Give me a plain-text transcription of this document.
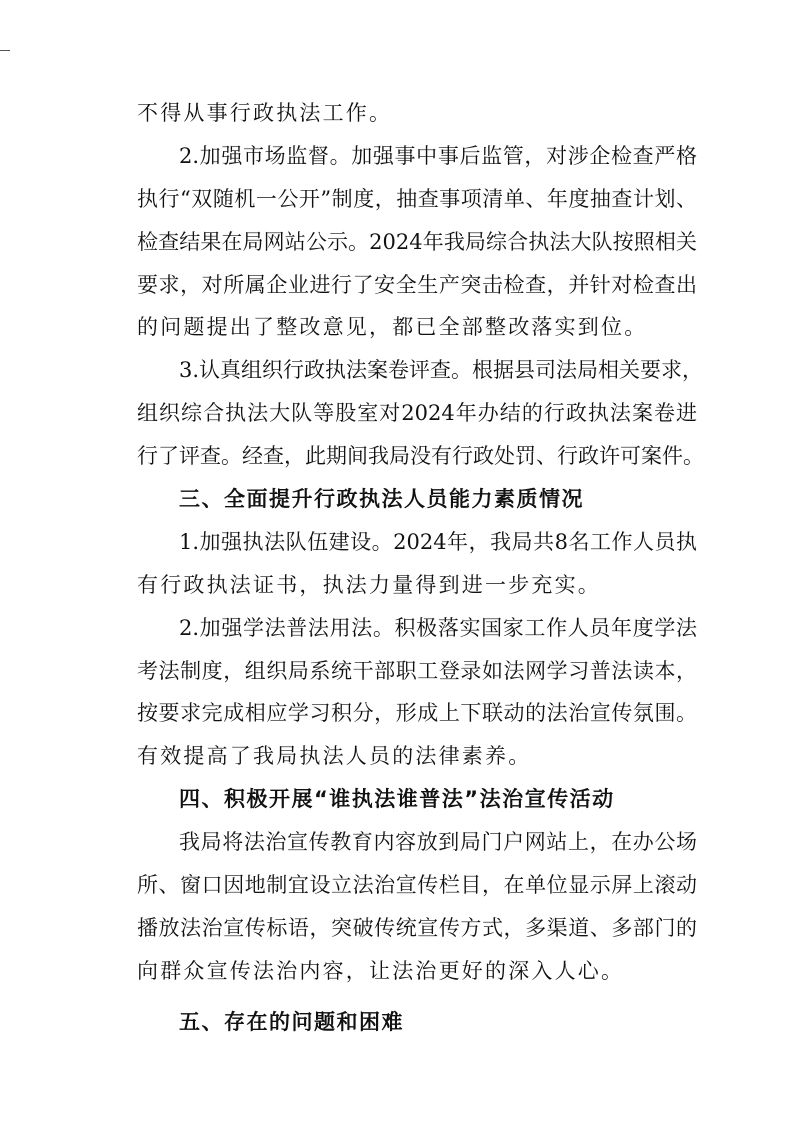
不得从事行政执法工作。
2.加强市场监督。加强事中事后监管，对涉企检查严格
执行“双随机一公开”制度，抽查事项清单、年度抽查计划、
检查结果在局网站公示。2024年我局综合执法大队按照相关
要求，对所属企业进行了安全生产突击检查，并针对检查出
的问题提出了整改意见，都已全部整改落实到位。
3.认真组织行政执法案卷评查。根据县司法局相关要求，
组织综合执法大队等股室对2024年办结的行政执法案卷进
行了评查。经查，此期间我局没有行政处罚、行政许可案件。
三、全面提升行政执法人员能力素质情况
1.加强执法队伍建设。2024年，我局共8名工作人员执
有行政执法证书，执法力量得到进一步充实。
2.加强学法普法用法。积极落实国家工作人员年度学法
考法制度，组织局系统干部职工登录如法网学习普法读本，
按要求完成相应学习积分，形成上下联动的法治宣传氛围。
有效提高了我局执法人员的法律素养。
四、积极开展“谁执法谁普法”法治宣传活动
我局将法治宣传教育内容放到局门户网站上，在办公场
所、窗口因地制宜设立法治宣传栏目，在单位显示屏上滚动
播放法治宣传标语，突破传统宣传方式，多渠道、多部门的
向群众宣传法治内容，让法治更好的深入人心。
五、存在的问题和困难
